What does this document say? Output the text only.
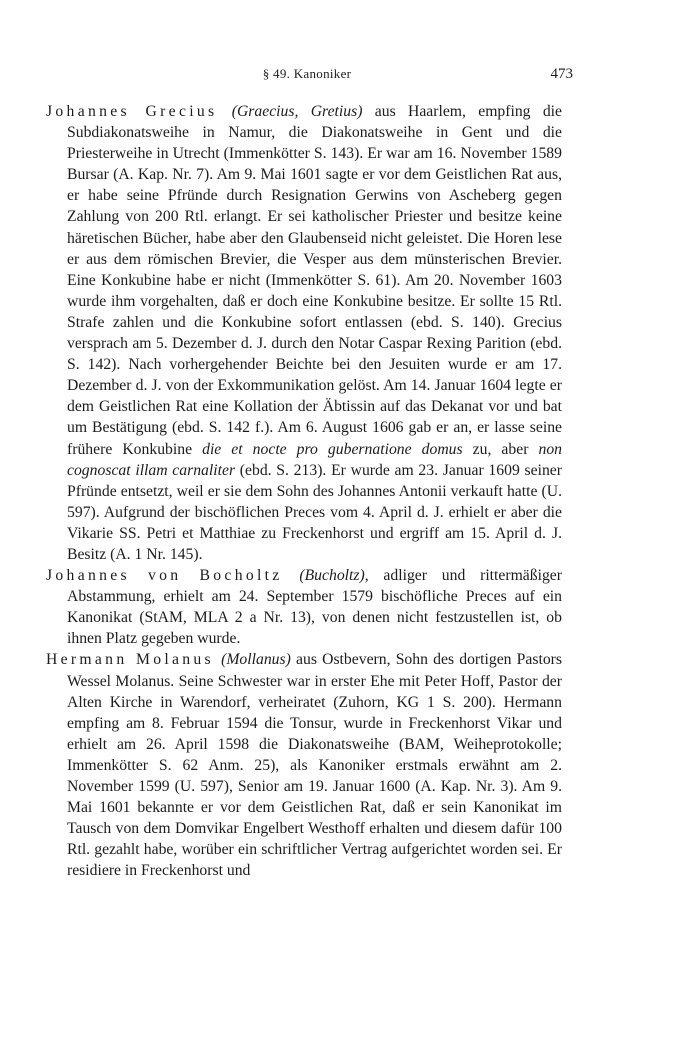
§ 49. Kanoniker	473

Johannes Grecius (Graecius, Gretius) aus Haarlem, empfing die Subdiakonatsweihe in Namur, die Diakonatsweihe in Gent und die Priesterweihe in Utrecht (Immenkötter S. 143). Er war am 16. November 1589 Bursar (A. Kap. Nr. 7). Am 9. Mai 1601 sagte er vor dem Geistlichen Rat aus, er habe seine Pfründe durch Resignation Gerwins von Ascheberg gegen Zahlung von 200 Rtl. erlangt. Er sei katholischer Priester und besitze keine häretischen Bücher, habe aber den Glaubenseid nicht geleistet. Die Horen lese er aus dem römischen Brevier, die Vesper aus dem münsterischen Brevier. Eine Konkubine habe er nicht (Immenkötter S. 61). Am 20. November 1603 wurde ihm vorgehalten, daß er doch eine Konkubine besitze. Er sollte 15 Rtl. Strafe zahlen und die Konkubine sofort entlassen (ebd. S. 140). Grecius versprach am 5. Dezember d. J. durch den Notar Caspar Rexing Parition (ebd. S. 142). Nach vorhergehender Beichte bei den Jesuiten wurde er am 17. Dezember d. J. von der Exkommunikation gelöst. Am 14. Januar 1604 legte er dem Geistlichen Rat eine Kollation der Äbtissin auf das Dekanat vor und bat um Bestätigung (ebd. S. 142 f.). Am 6. August 1606 gab er an, er lasse seine frühere Konkubine die et nocte pro gubernatione domus zu, aber non cognoscat illam carnaliter (ebd. S. 213). Er wurde am 23. Januar 1609 seiner Pfründe entsetzt, weil er sie dem Sohn des Johannes Antonii verkauft hatte (U. 597). Aufgrund der bischöflichen Preces vom 4. April d. J. erhielt er aber die Vikarie SS. Petri et Matthiae zu Freckenhorst und ergriff am 15. April d. J. Besitz (A. 1 Nr. 145).

Johannes von Bocholtz (Bucholtz), adliger und rittermäßiger Abstammung, erhielt am 24. September 1579 bischöfliche Preces auf ein Kanonikat (StAM, MLA 2 a Nr. 13), von denen nicht festzustellen ist, ob ihnen Platz gegeben wurde.

Hermann Molanus (Mollanus) aus Ostbevern, Sohn des dortigen Pastors Wessel Molanus. Seine Schwester war in erster Ehe mit Peter Hoff, Pastor der Alten Kirche in Warendorf, verheiratet (Zuhorn, KG 1 S. 200). Hermann empfing am 8. Februar 1594 die Tonsur, wurde in Freckenhorst Vikar und erhielt am 26. April 1598 die Diakonatsweihe (BAM, Weiheprotokolle; Immenkötter S. 62 Anm. 25), als Kanoniker erstmals erwähnt am 2. November 1599 (U. 597), Senior am 19. Januar 1600 (A. Kap. Nr. 3). Am 9. Mai 1601 bekannte er vor dem Geistlichen Rat, daß er sein Kanonikat im Tausch von dem Domvikar Engelbert Westhoff erhalten und diesem dafür 100 Rtl. gezahlt habe, worüber ein schriftlicher Vertrag aufgerichtet worden sei. Er residiere in Freckenhorst und
